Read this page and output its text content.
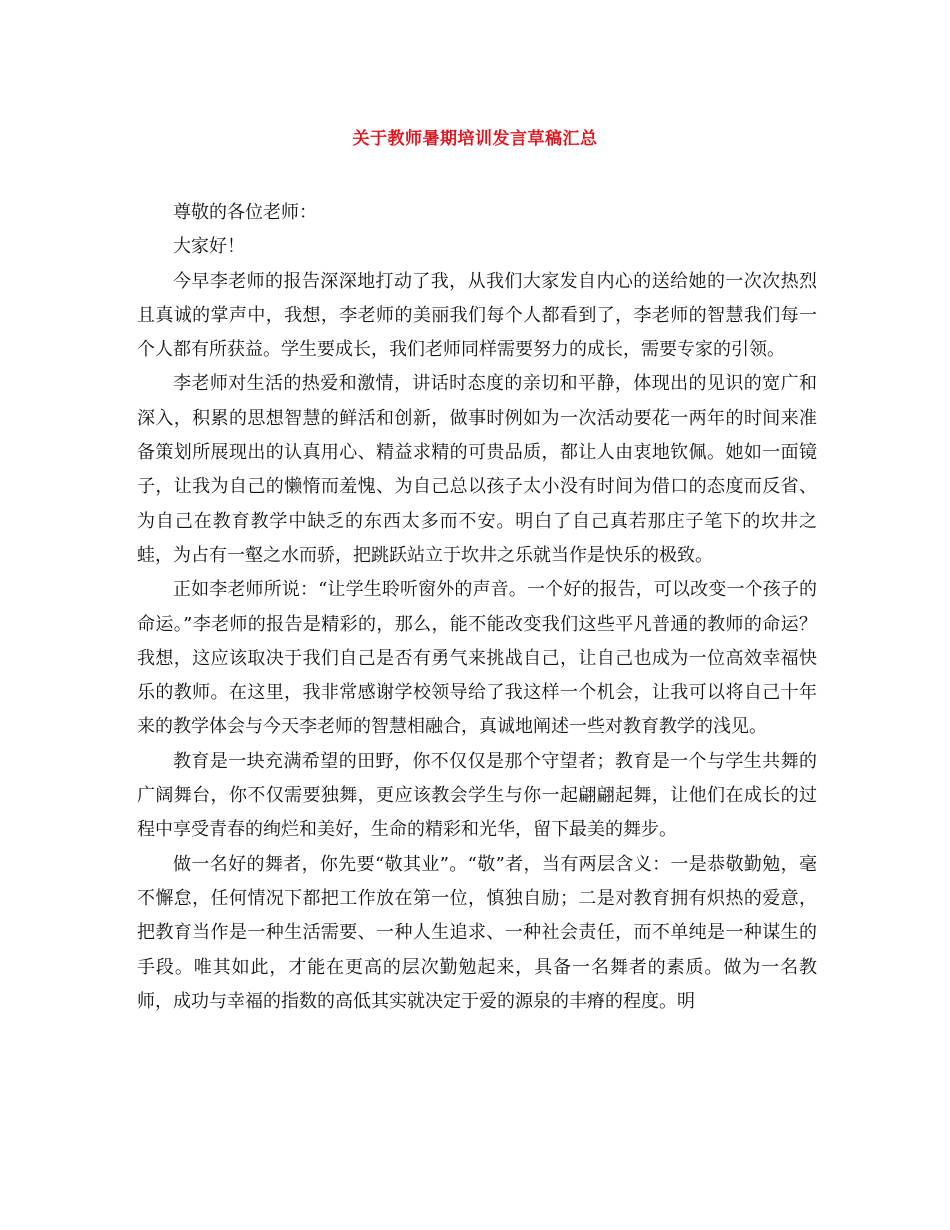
关于教师暑期培训发言草稿汇总

尊敬的各位老师：

大家好！

今早李老师的报告深深地打动了我，从我们大家发自内心的送给她的一次次热烈且真诚的掌声中，我想，李老师的美丽我们每个人都看到了，李老师的智慧我们每一个人都有所获益。学生要成长，我们老师同样需要努力的成长，需要专家的引领。

李老师对生活的热爱和激情，讲话时态度的亲切和平静，体现出的见识的宽广和深入，积累的思想智慧的鲜活和创新，做事时例如为一次活动要花一两年的时间来准备策划所展现出的认真用心、精益求精的可贵品质，都让人由衷地钦佩。她如一面镜子，让我为自己的懒惰而羞愧、为自己总以孩子太小没有时间为借口的态度而反省、为自己在教育教学中缺乏的东西太多而不安。明白了自己真若那庄子笔下的坎井之蛙，为占有一壑之水而骄，把跳跃站立于坎井之乐就当作是快乐的极致。

正如李老师所说：“让学生聆听窗外的声音。一个好的报告，可以改变一个孩子的命运。”李老师的报告是精彩的，那么，能不能改变我们这些平凡普通的教师的命运？我想，这应该取决于我们自己是否有勇气来挑战自己，让自己也成为一位高效幸福快乐的教师。在这里，我非常感谢学校领导给了我这样一个机会，让我可以将自己十年来的教学体会与今天李老师的智慧相融合，真诚地阐述一些对教育教学的浅见。

教育是一块充满希望的田野，你不仅仅是那个守望者；教育是一个与学生共舞的广阔舞台，你不仅需要独舞，更应该教会学生与你一起翩翩起舞，让他们在成长的过程中享受青春的绚烂和美好，生命的精彩和光华，留下最美的舞步。

做一名好的舞者，你先要“敬其业”。“敬”者，当有两层含义：一是恭敬勤勉，毫不懈怠，任何情况下都把工作放在第一位，慎独自励；二是对教育拥有炽热的爱意，把教育当作是一种生活需要、一种人生追求、一种社会责任，而不单纯是一种谋生的手段。唯其如此，才能在更高的层次勤勉起来，具备一名舞者的素质。做为一名教师，成功与幸福的指数的高低其实就决定于爱的源泉的丰瘠的程度。明
